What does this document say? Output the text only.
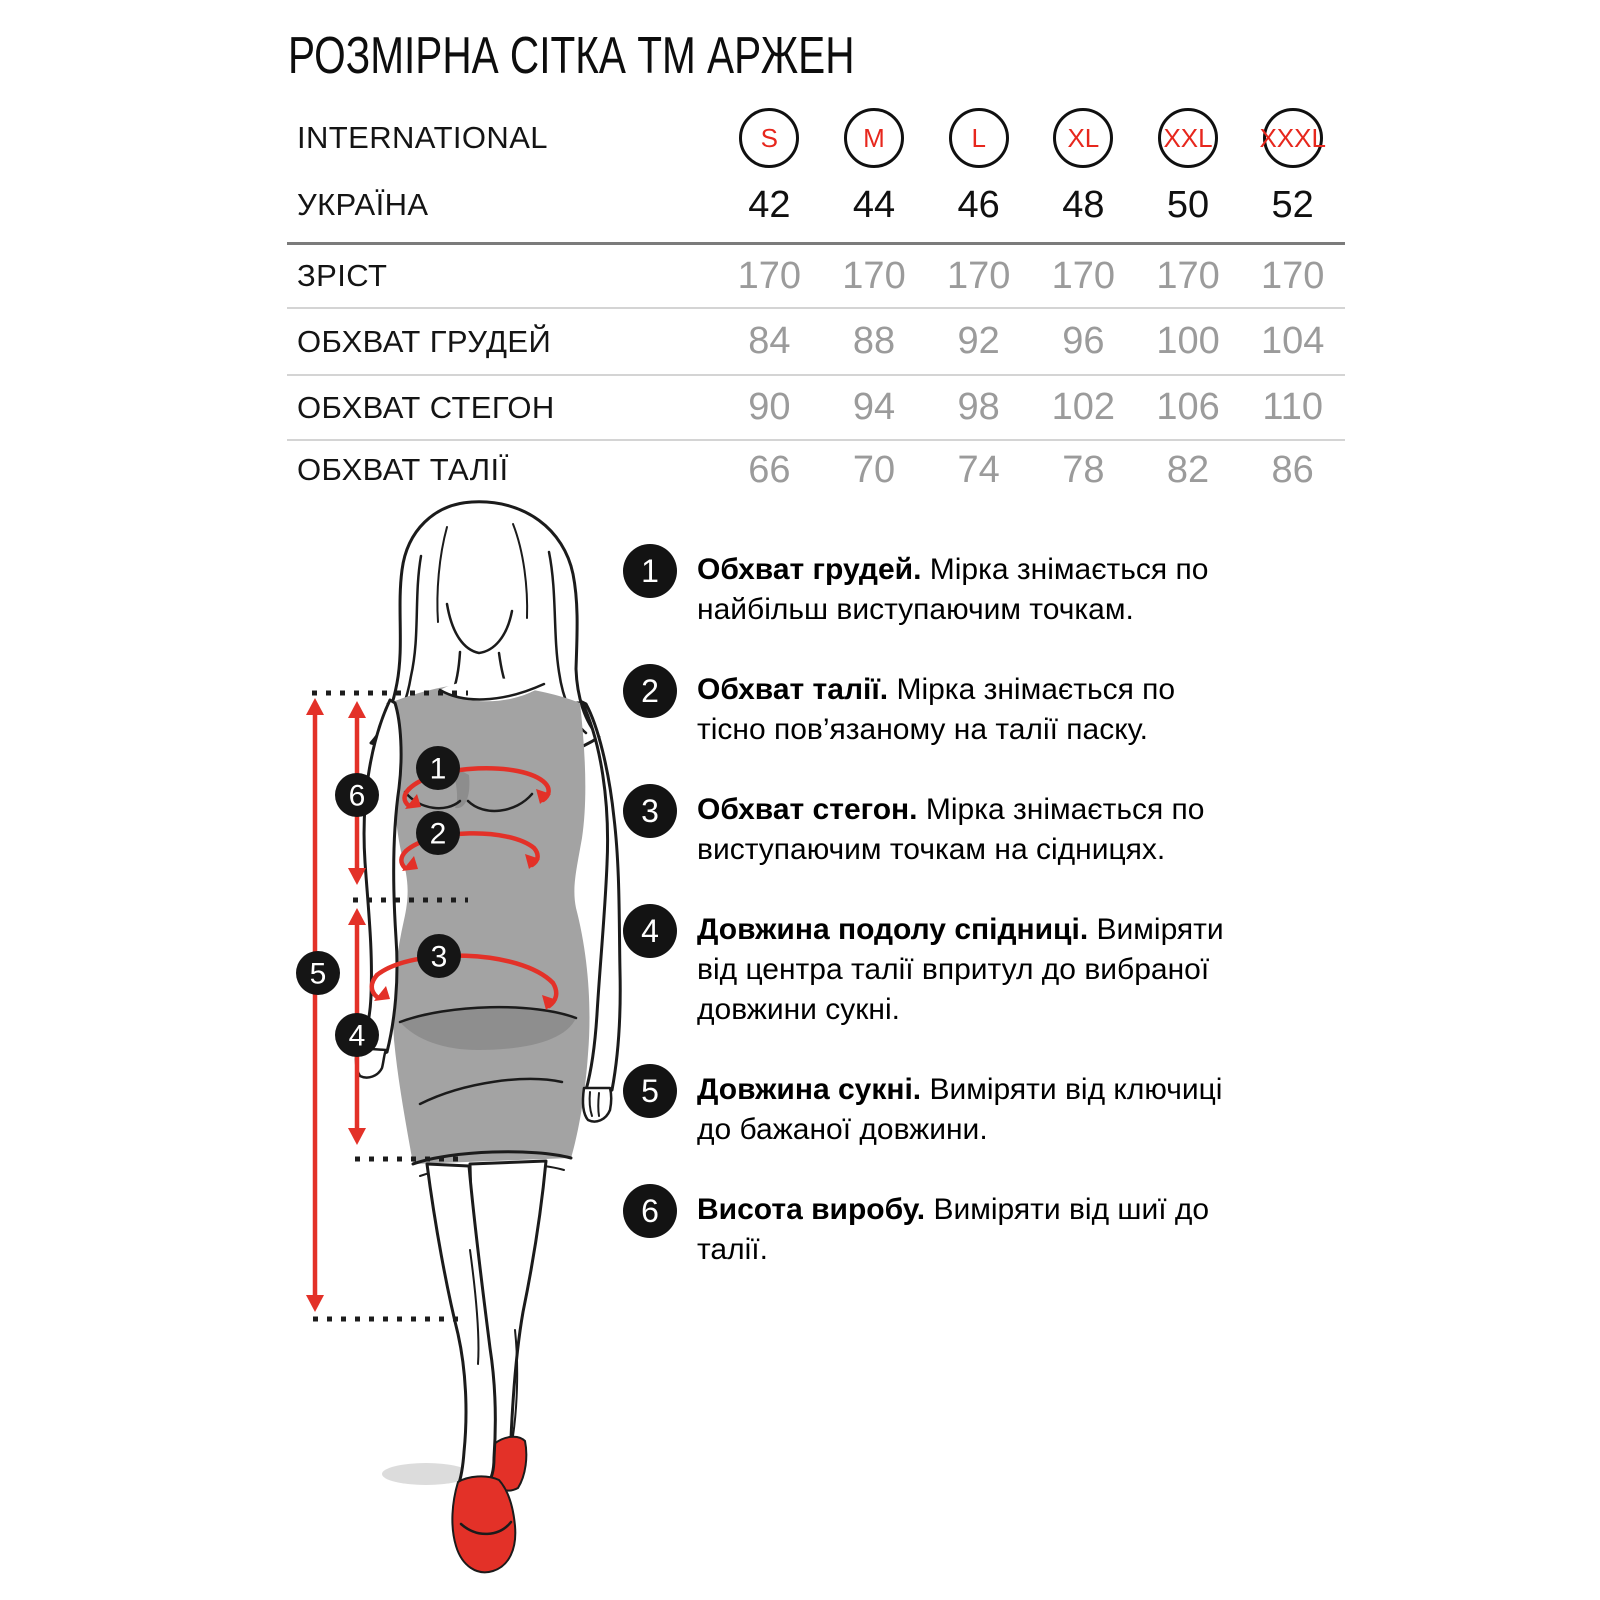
РОЗМІРНА СІТКА ТМ АРЖЕН
INTERNATIONAL	S	M	L	XL	XXL XXXL
УКРАЇНА	42 44 46 48 50 52
ЗРІСТ	170 170 170 170 170 170
ОБХВАТ ГРУДЕЙ	84 88 92 96 100 104
ОБХВАТ СТЕГОН	90 94 98 102 106 110
ОБХВАТ ТАЛІЇ	66 70 74 78 82 86
1
2
3
4
5
6
1	Обхват грудей. Мірка знімається по
найбільш виступаючим точкам.
2	Обхват талії. Мірка знімається по
тісно пов’язаному на талії паску.
3	Обхват стегон. Мірка знімається по
виступаючим точкам на сідницях.
4	Довжина подолу спідниці. Виміряти
від центра талії впритул до вибраної
довжини сукні.
5	Довжина сукні. Виміряти від ключиці
до бажаної довжини.
6	Висота виробу. Виміряти від шиї до
талії.
